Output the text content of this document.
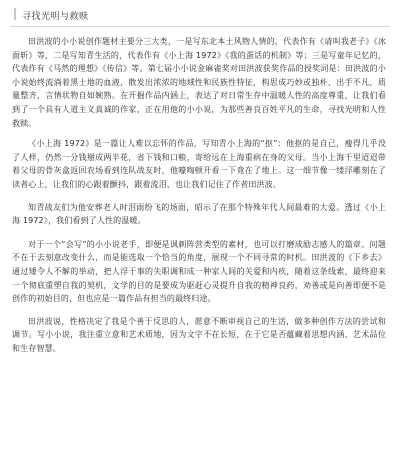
寻找光明与救赎

田洪波的小小说创作题材主要分三大类，一是写东北本土风物人情的，代表作有《请叫我老子》《冰面斩》等，二是写知青生活的，代表作有《小上海 1972》《我的蛋话的机制》等；三是写童年记忆的，代表作有《马然的理想》《传信》等。第七届小小说金麻雀奖对田洪波获奖作品的授奖词是：田洪波的小小说始终流淌着黑土地的血液，散发出浓浓的地域性和民族性特征，构思成巧妙或独朴、出手不凡，质量整齐，言情状物自如婉熟。在开掘作品内涵上，表达了对日常生存中温暖人性的高度尊重，让我们看到了一个具有人道主义真诚的作家，正在用他的小小说，为那些善良百姓平凡的生命，寻找光明和人性救赎。

《小上海 1972》是一篇让人难以忘怀的作品，写知青小上海的“抠”：他抠的是自己，瘦得几乎没了人样，仍然一分钱掰成两半花，省下钱和口粮，寄给远在上海重病在身的父母。当小上海千里迢迢带着父母的骨灰盒返回农场看到连队战友时，他嚎啕顿开看一下竟在了地上。这一细节像一缕浮雕刻在了读者心上，让我们的心跟着颤抖，跟着流泪，也让我们记住了作者田洪波。

知青战友们为他安葬老人时泪雨纷飞的场面，昭示了在那个特殊年代人间最难的大爱。透过《小上海 1972》，我们看到了人性的温暖。

对于一个“会写”的小小说老手，即便是讽刺阵营类型的素材，也可以打磨成励志感人的篇章。问题不在于去刻意改变什么，而是能选取一个恰当的角度，展现一个不同寻常的时机。田洪波的《下乡去》通过矮令人不解的举动，把人浮于事的失职调和成一种家人间的关爱和内疚，随着这条线索，最终迎来一个彻底重塑自我的契机，文学的目的是要成为驱赶心灵提升自我的精神良药，劝善或是向善即便不是创作的初始目的，但也应是一篇作品有担当的最终归途。

田洪波说，性格决定了我是个善于反思的人，愿意不断审视自己的生活，做多种创作方法的尝试和调节。写小小说，我注重立意和艺术质地，因为文字不在长短，在于它是否蕴藏着思想内涵、艺术品位和生存智慧。
